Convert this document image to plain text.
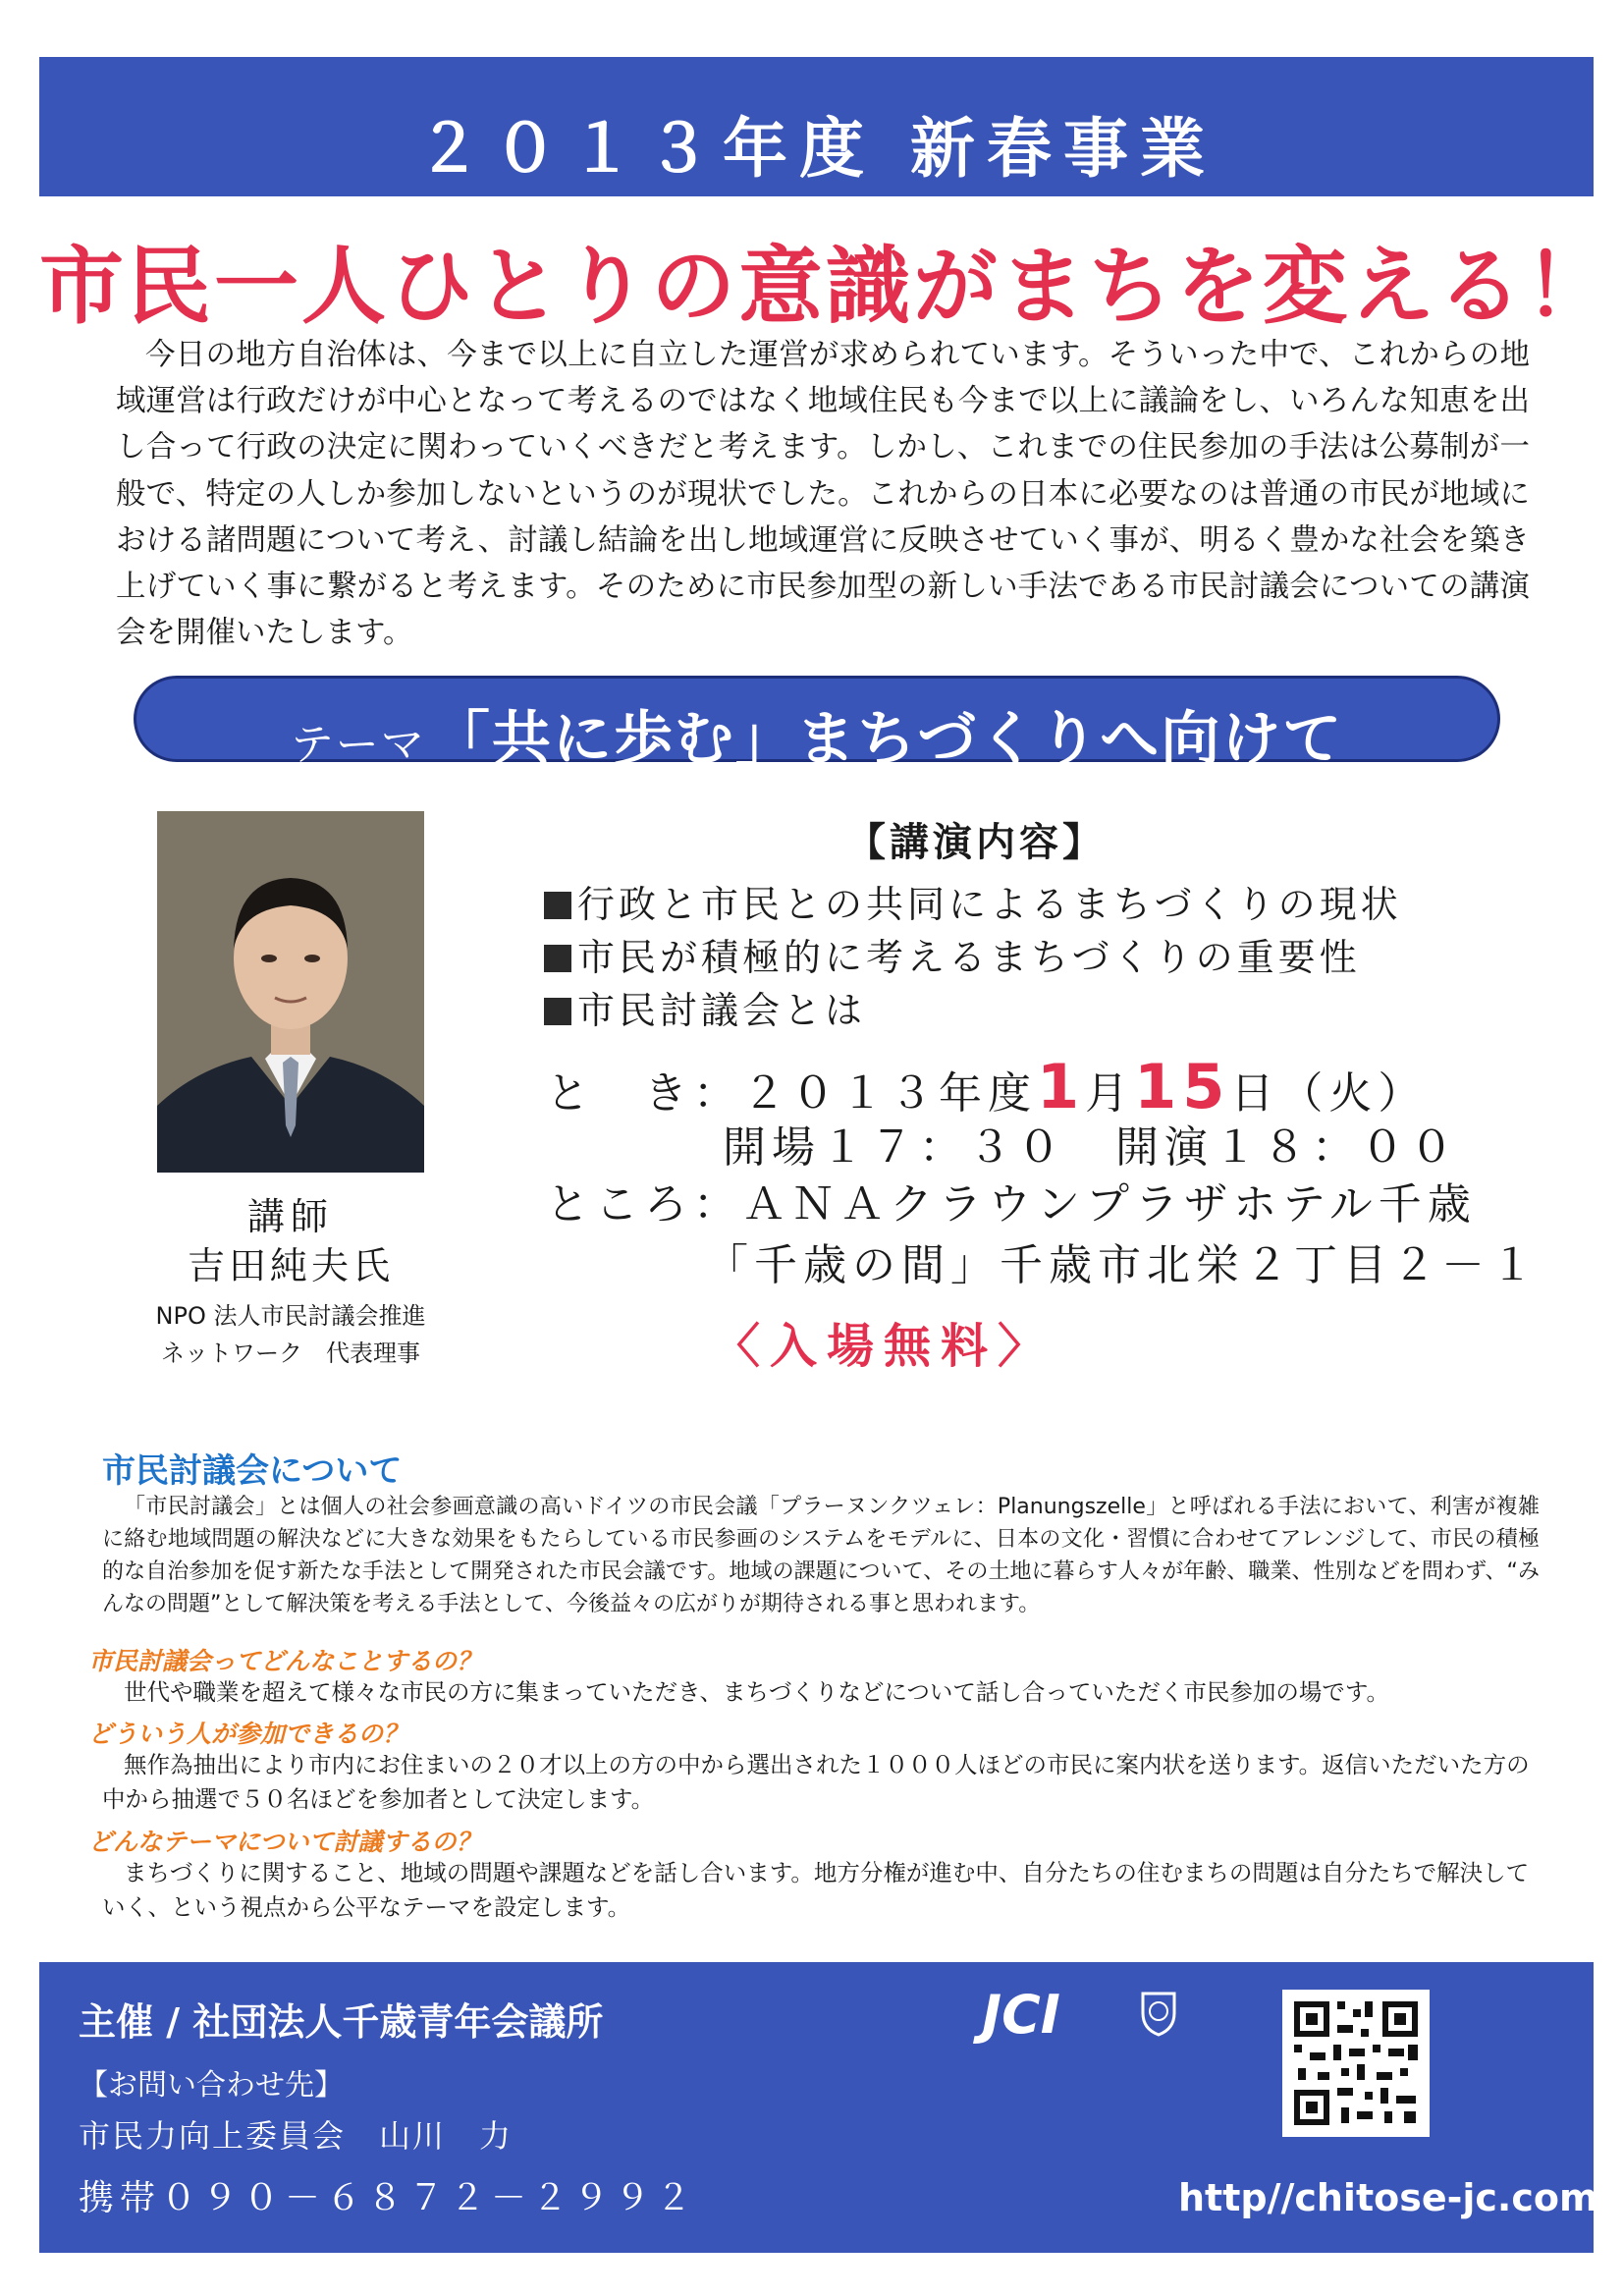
２０１３年度 新春事業
市民一人ひとりの意識がまちを変える！
今日の地方自治体は、今まで以上に自立した運営が求められています。そういった中で、これからの地域運営は行政だけが中心となって考えるのではなく地域住民も今まで以上に議論をし、いろんな知恵を出し合って行政の決定に関わっていくべきだと考えます。しかし、これまでの住民参加の手法は公募制が一般で、特定の人しか参加しないというのが現状でした。これからの日本に必要なのは普通の市民が地域における諸問題について考え、討議し結論を出し地域運営に反映させていく事が、明るく豊かな社会を築き上げていく事に繋がると考えます。そのために市民参加型の新しい手法である市民討議会についての講演会を開催いたします。
テーマ 「共に歩む」まちづくりへ向けて
講師
吉田純夫氏
NPO 法人市民討議会推進
ネットワーク　代表理事
【講演内容】
行政と市民との共同によるまちづくりの現状
市民が積極的に考えるまちづくりの重要性
市民討議会とは
と　き：２０１３年度1月15日（火）
開場１７：３０　開演１８：００
ところ：ＡＮＡクラウンプラザホテル千歳
「千歳の間」千歳市北栄２丁目２－１
〈入場無料〉
市民討議会について
「市民討議会」とは個人の社会参画意識の高いドイツの市民会議「プラーヌンクツェレ：Planungszelle」と呼ばれる手法において、利害が複雑に絡む地域問題の解決などに大きな効果をもたらしている市民参画のシステムをモデルに、日本の文化・習慣に合わせてアレンジして、市民の積極的な自治参加を促す新たな手法として開発された市民会議です。地域の課題について、その土地に暮らす人々が年齢、職業、性別などを問わず、“みんなの問題”として解決策を考える手法として、今後益々の広がりが期待される事と思われます。
市民討議会ってどんなことするの？
世代や職業を超えて様々な市民の方に集まっていただき、まちづくりなどについて話し合っていただく市民参加の場です。
どういう人が参加できるの？
無作為抽出により市内にお住まいの２０才以上の方の中から選出された１０００人ほどの市民に案内状を送ります。返信いただいた方の中から抽選で５０名ほどを参加者として決定します。
どんなテーマについて討議するの？
まちづくりに関すること、地域の問題や課題などを話し合います。地方分権が進む中、自分たちの住むまちの問題は自分たちで解決していく、という視点から公平なテーマを設定します。
主催 / 社団法人千歳青年会議所
【お問い合わせ先】
市民力向上委員会　山川　力
携帯０９０－６８７２－２９９２
JCI
http//chitose-jc.com
